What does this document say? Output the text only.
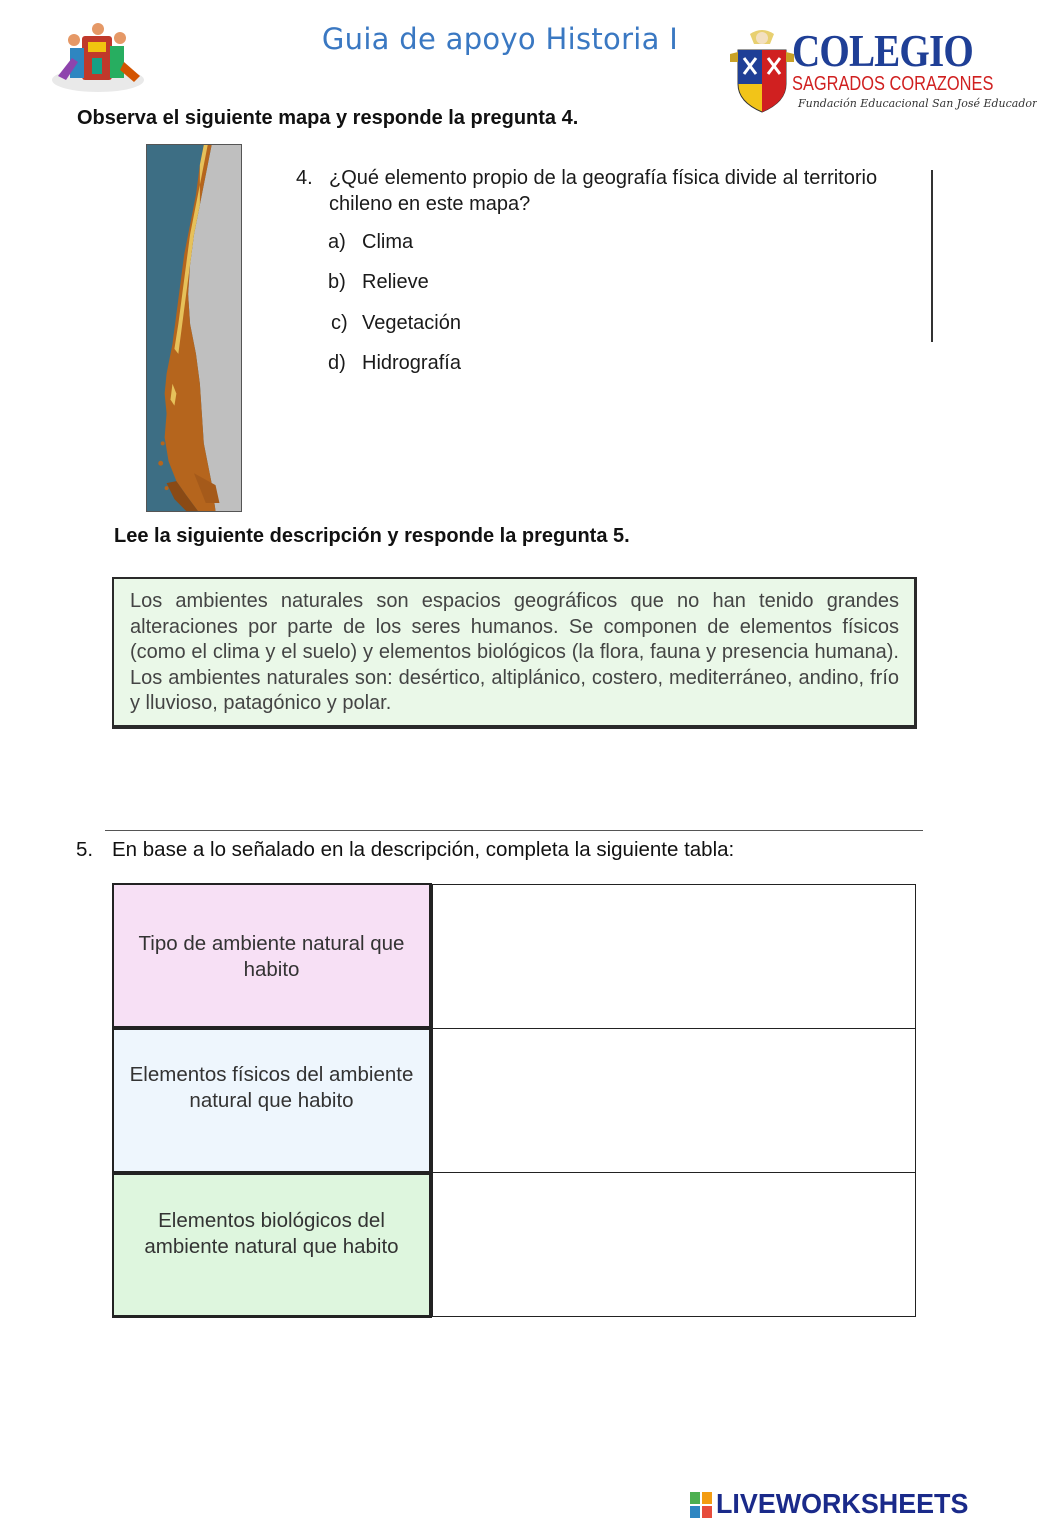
Guia de apoyo Historia I	COLEGIO
SAGRADOS CORAZONES
Fundación Educacional San José Educador
Observa el siguiente mapa y responde la pregunta 4.
4. ¿Qué elemento propio de la geografía física divide al territorio chileno en este mapa?
a) Clima
b) Relieve
c) Vegetación
d) Hidrografía
Lee la siguiente descripción y responde la pregunta 5.
Los ambientes naturales son espacios geográficos que no han tenido grandes alteraciones por parte de los seres humanos. Se componen de elementos físicos (como el clima y el suelo) y elementos biológicos (la flora, fauna y presencia humana). Los ambientes naturales son: desértico, altiplánico, costero, mediterráneo, andino, frío y lluvioso, patagónico y polar.
5. En base a lo señalado en la descripción, completa la siguiente tabla:
Tipo de ambiente natural que habito
Elementos físicos del ambiente natural que habito
Elementos biológicos del ambiente natural que habito
LIVEWORKSHEETS
